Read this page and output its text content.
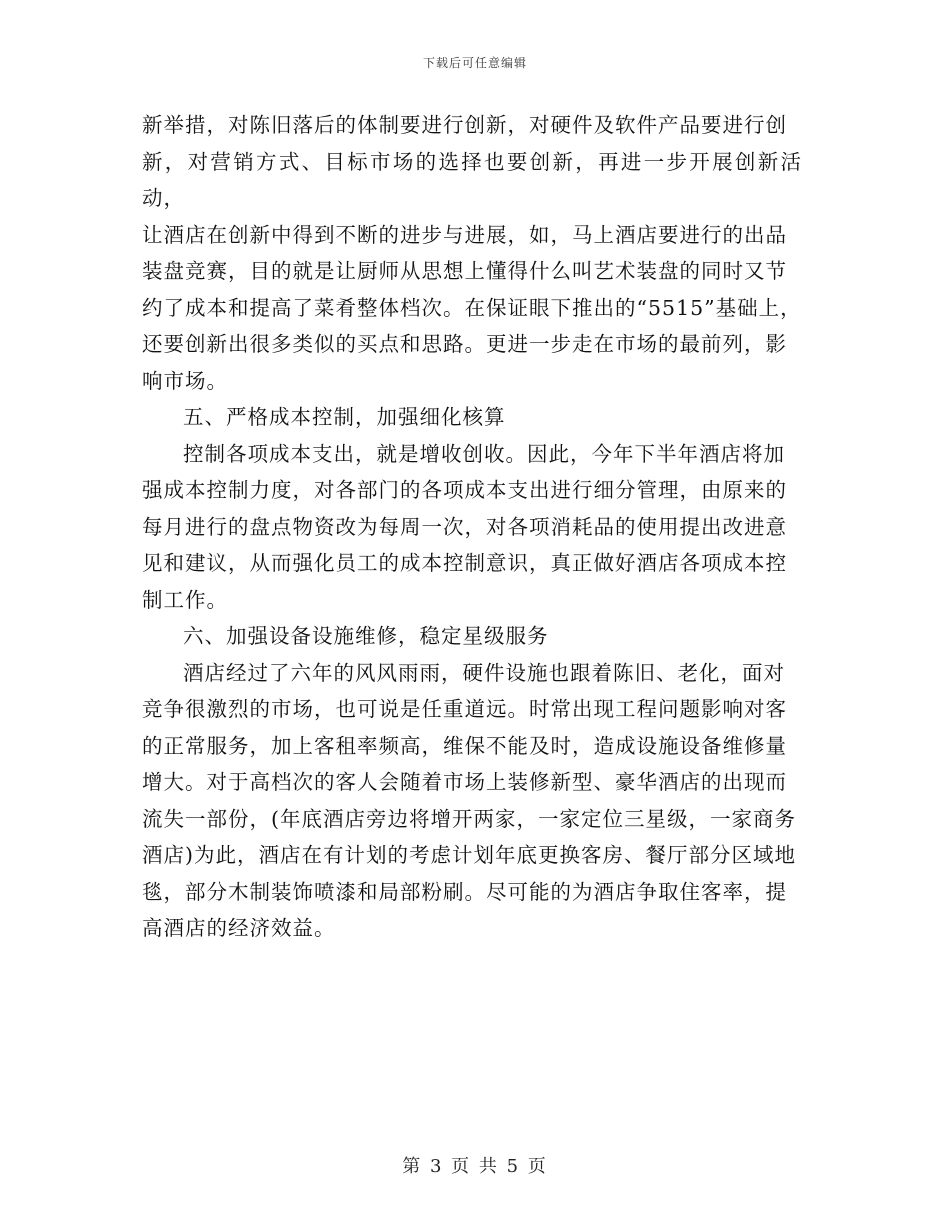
下载后可任意编辑

新举措，对陈旧落后的体制要进行创新，对硬件及软件产品要进行创
新，对营销方式、目标市场的选择也要创新，再进一步开展创新活动，
让酒店在创新中得到不断的进步与进展，如，马上酒店要进行的出品
装盘竞赛，目的就是让厨师从思想上懂得什么叫艺术装盘的同时又节
约了成本和提高了菜肴整体档次。在保证眼下推出的“5515”基础上，
还要创新出很多类似的买点和思路。更进一步走在市场的最前列，影
响市场。

五、严格成本控制，加强细化核算

控制各项成本支出，就是增收创收。因此，今年下半年酒店将加
强成本控制力度，对各部门的各项成本支出进行细分管理，由原来的
每月进行的盘点物资改为每周一次，对各项消耗品的使用提出改进意
见和建议，从而强化员工的成本控制意识，真正做好酒店各项成本控
制工作。

六、加强设备设施维修，稳定星级服务

酒店经过了六年的风风雨雨，硬件设施也跟着陈旧、老化，面对
竞争很激烈的市场，也可说是任重道远。时常出现工程问题影响对客
的正常服务，加上客租率频高，维保不能及时，造成设施设备维修量
增大。对于高档次的客人会随着市场上装修新型、豪华酒店的出现而
流失一部份，(年底酒店旁边将增开两家，一家定位三星级，一家商务
酒店)为此，酒店在有计划的考虑计划年底更换客房、餐厅部分区域地
毯，部分木制装饰喷漆和局部粉刷。尽可能的为酒店争取住客率，提
高酒店的经济效益。

第 3 页 共 5 页
